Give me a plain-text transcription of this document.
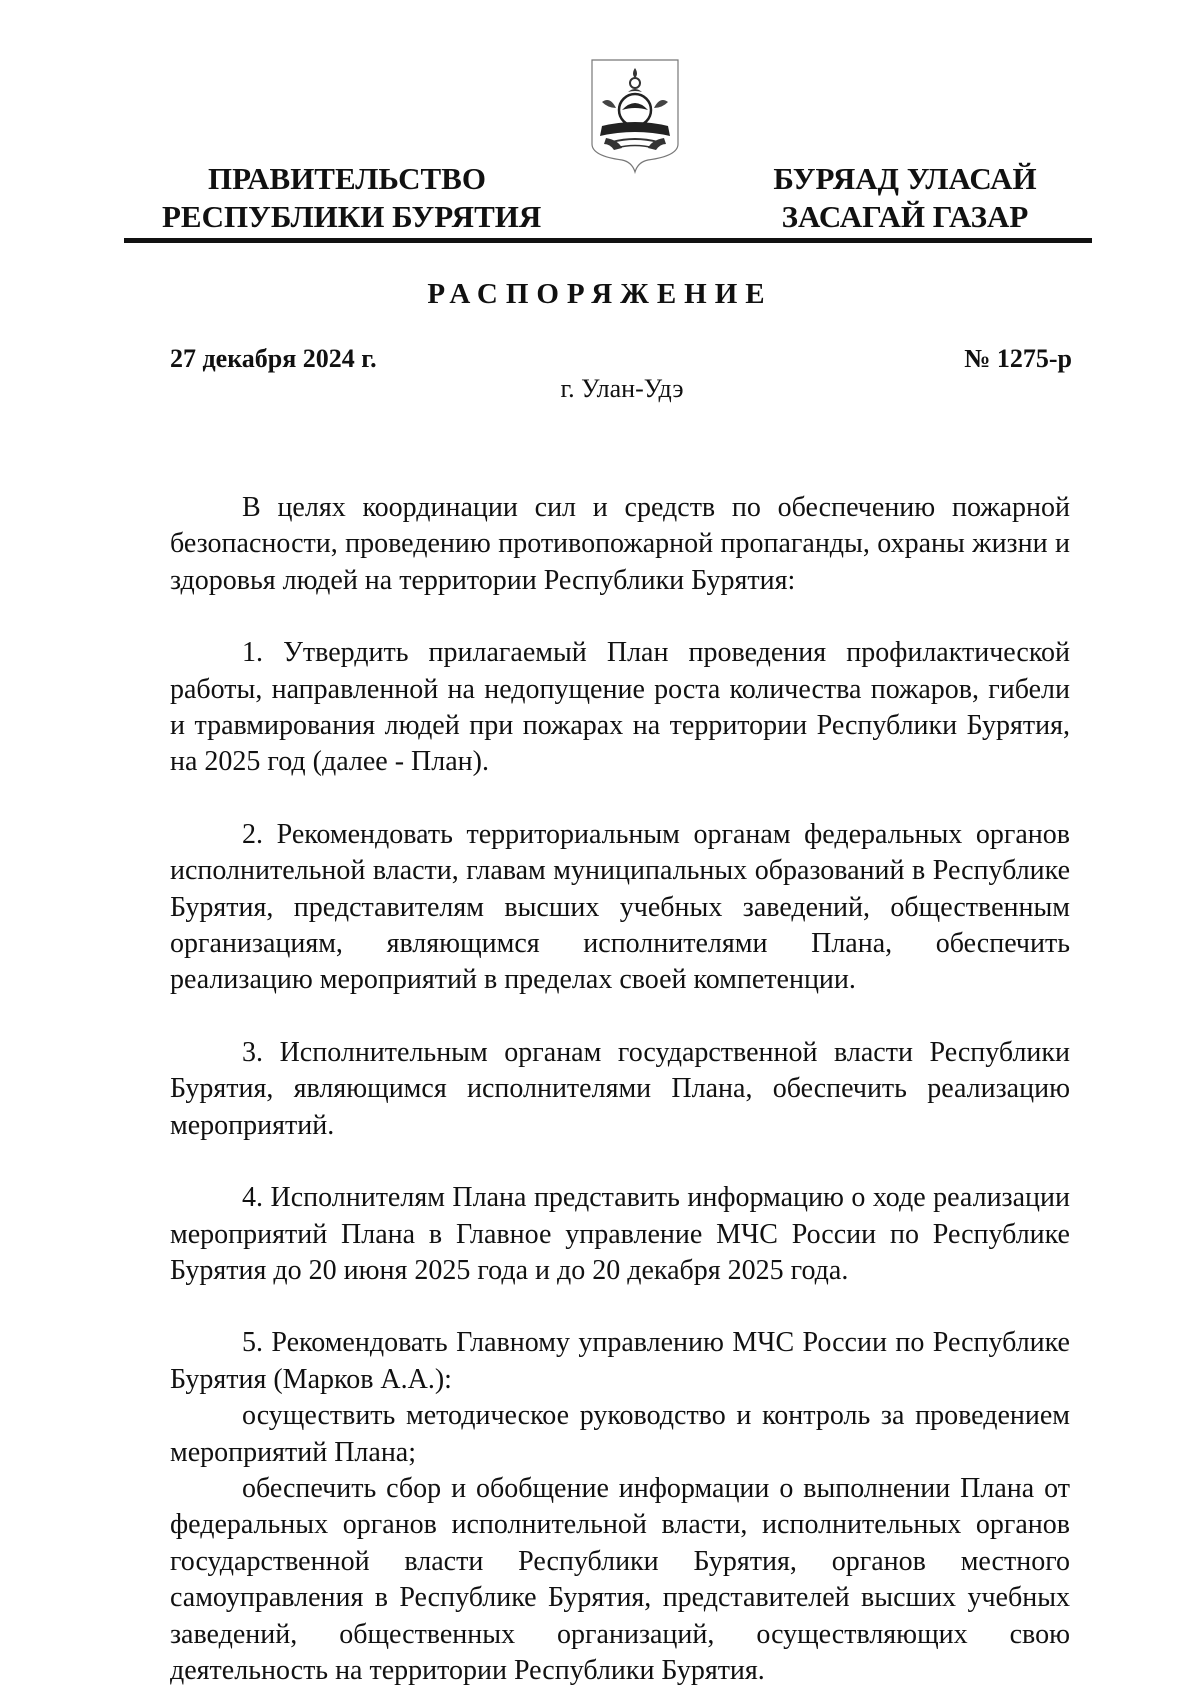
ПРАВИТЕЛЬСТВО
РЕСПУБЛИКИ БУРЯТИЯ
БУРЯАД УЛАСАЙ
ЗАСАГАЙ ГАЗАР
РАСПОРЯЖЕНИЕ
27 декабря 2024 г.	№ 1275-р
г. Улан-Удэ

В целях координации сил и средств по обеспечению пожарной безопасности, проведению противопожарной пропаганды, охраны жизни и здоровья людей на территории Республики Бурятия:

1. Утвердить прилагаемый План проведения профилактической работы, направленной на недопущение роста количества пожаров, гибели и травмирования людей при пожарах на территории Республики Бурятия, на 2025 год (далее - План).

2. Рекомендовать территориальным органам федеральных органов исполнительной власти, главам муниципальных образований в Республике Бурятия, представителям высших учебных заведений, общественным организациям, являющимся исполнителями Плана, обеспечить реализацию мероприятий в пределах своей компетенции.

3. Исполнительным органам государственной власти Республики Бурятия, являющимся исполнителями Плана, обеспечить реализацию мероприятий.

4. Исполнителям Плана представить информацию о ходе реализации мероприятий Плана в Главное управление МЧС России по Республике Бурятия до 20 июня 2025 года и до 20 декабря 2025 года.

5. Рекомендовать Главному управлению МЧС России по Республике Бурятия (Марков А.А.):

осуществить методическое руководство и контроль за проведением мероприятий Плана;

обеспечить сбор и обобщение информации о выполнении Плана от федеральных органов исполнительной власти, исполнительных органов государственной власти Республики Бурятия, органов местного самоуправления в Республике Бурятия, представителей высших учебных заведений, общественных организаций, осуществляющих свою деятельность на территории Республики Бурятия.
